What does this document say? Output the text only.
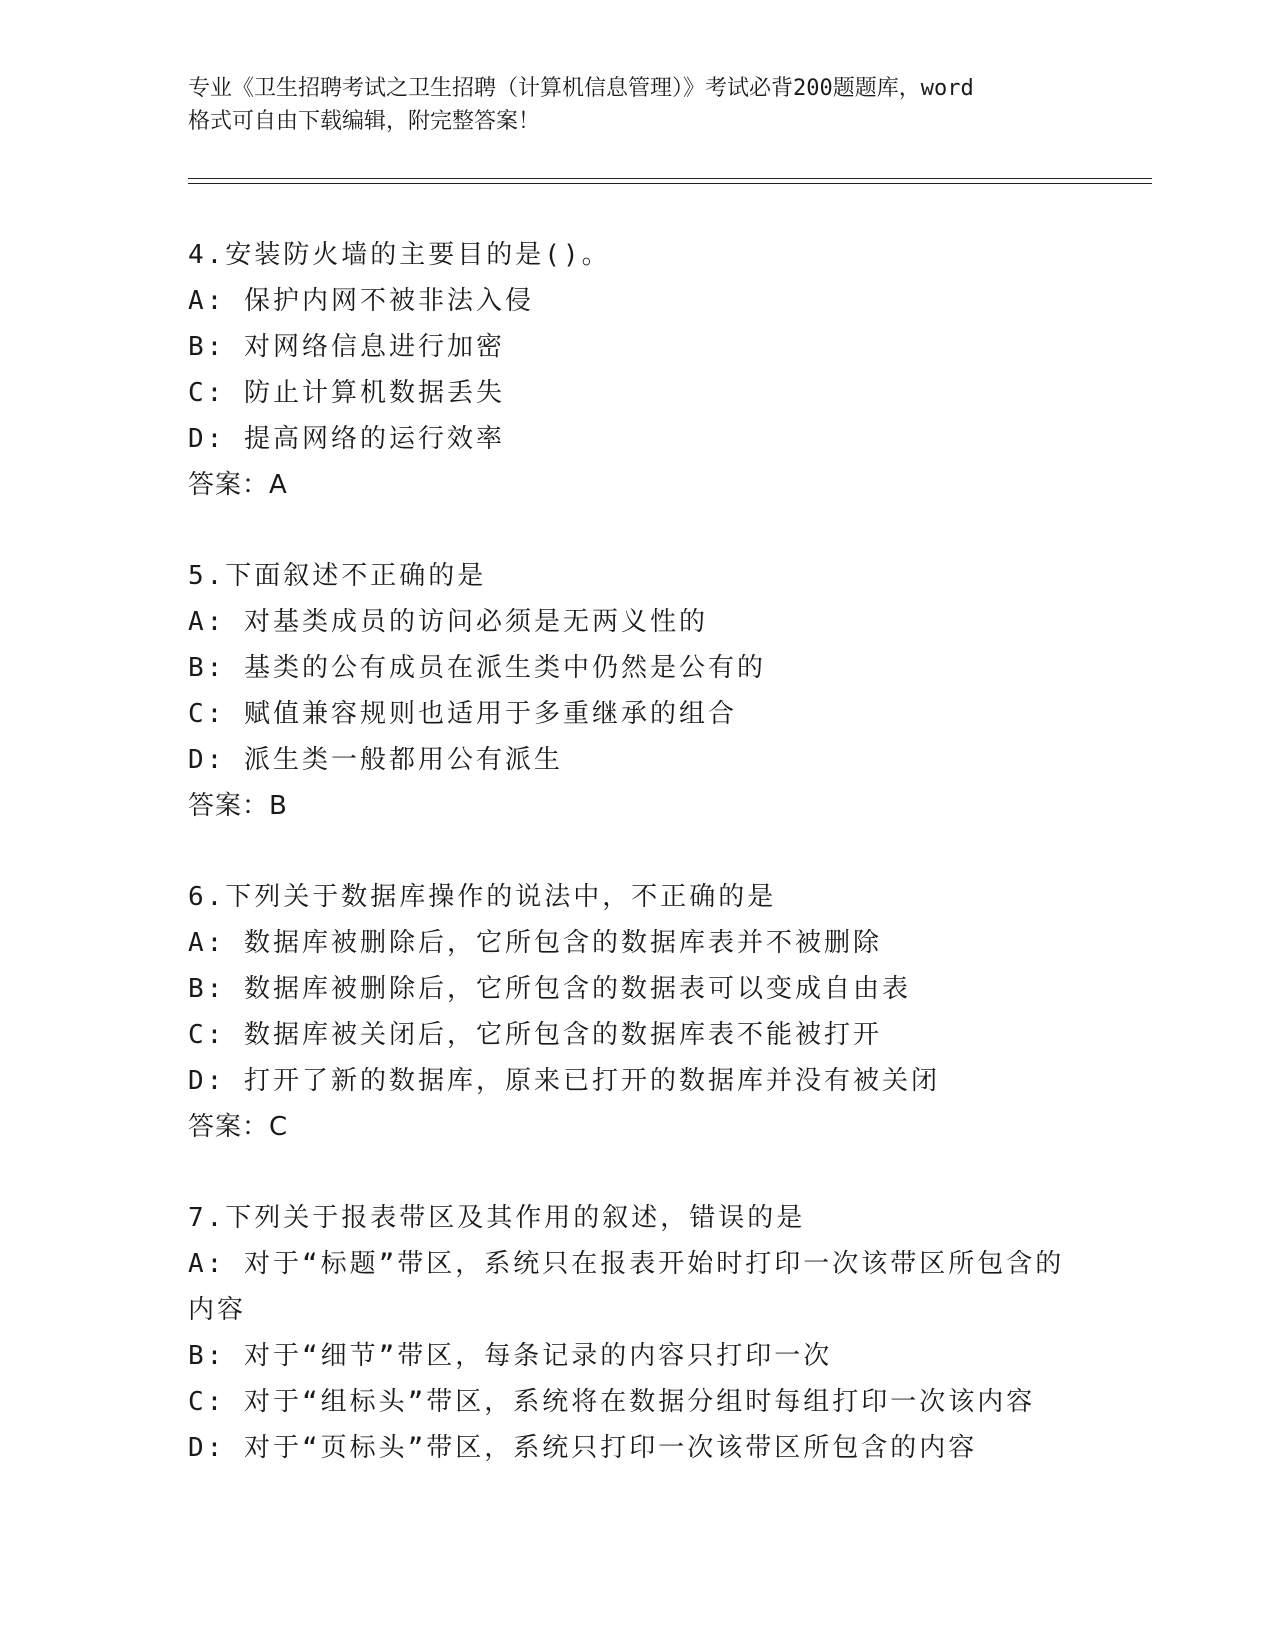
专业《卫生招聘考试之卫生招聘（计算机信息管理）》考试必背200题题库，word
格式可自由下载编辑，附完整答案！
4.安装防火墙的主要目的是()。
A: 保护内网不被非法入侵
B: 对网络信息进行加密
C: 防止计算机数据丢失
D: 提高网络的运行效率
答案：A
5.下面叙述不正确的是
A: 对基类成员的访问必须是无两义性的
B: 基类的公有成员在派生类中仍然是公有的
C: 赋值兼容规则也适用于多重继承的组合
D: 派生类一般都用公有派生
答案：B
6.下列关于数据库操作的说法中，不正确的是
A: 数据库被删除后，它所包含的数据库表并不被删除
B: 数据库被删除后，它所包含的数据表可以变成自由表
C: 数据库被关闭后，它所包含的数据库表不能被打开
D: 打开了新的数据库，原来已打开的数据库并没有被关闭
答案：C
7.下列关于报表带区及其作用的叙述，错误的是
A: 对于“标题”带区，系统只在报表开始时打印一次该带区所包含的内容
B: 对于“细节”带区，每条记录的内容只打印一次
C: 对于“组标头”带区，系统将在数据分组时每组打印一次该内容
D: 对于“页标头”带区，系统只打印一次该带区所包含的内容
